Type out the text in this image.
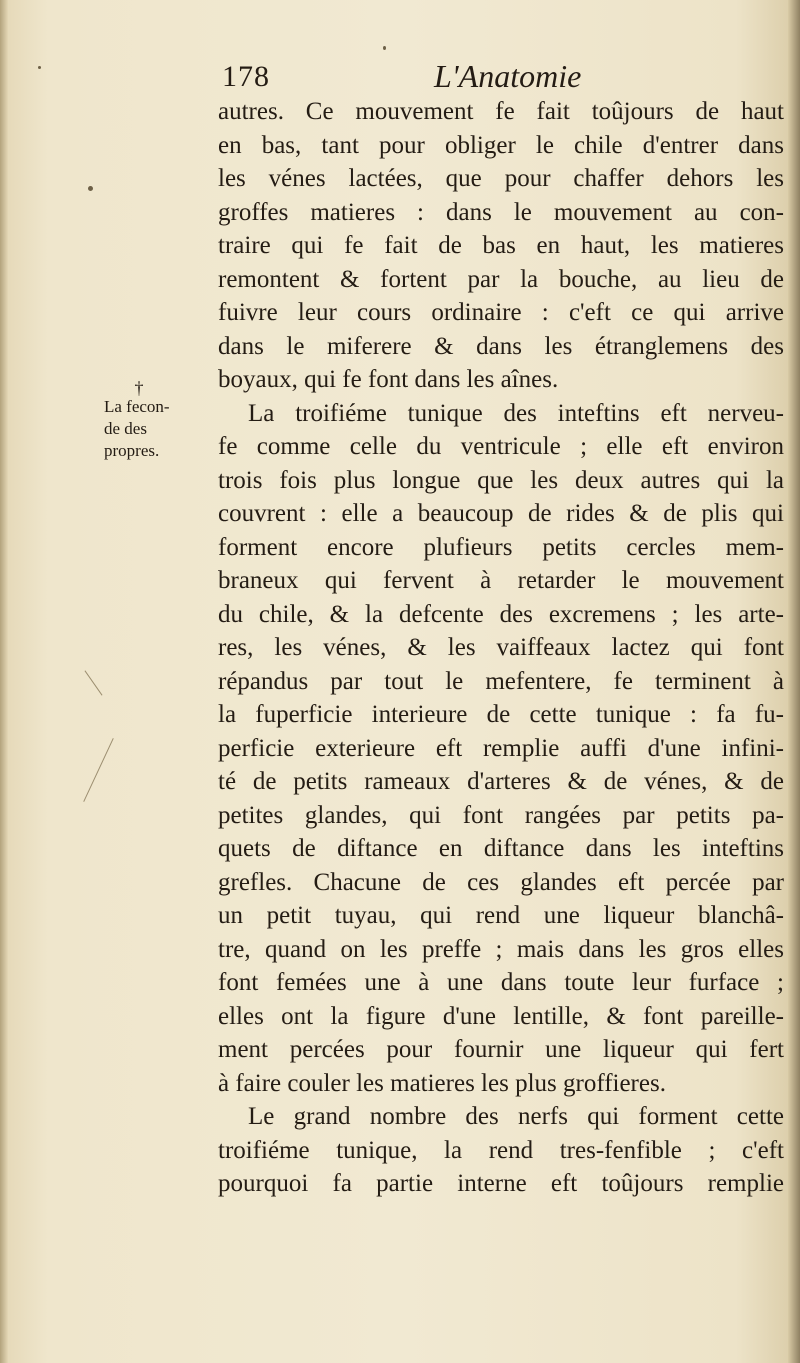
178	L'Anatomie
†
La fecon-
de des
propres.
autres. Ce mouvement fe fait toûjours de haut
en bas, tant pour obliger le chile d'entrer dans
les vénes lactées, que pour chaffer dehors les
groffes matieres : dans le mouvement au con-
traire qui fe fait de bas en haut, les matieres
remontent & fortent par la bouche, au lieu de
fuivre leur cours ordinaire : c'eft ce qui arrive
dans le miferere & dans les étranglemens des
boyaux, qui fe font dans les aînes.
La troifiéme tunique des inteftins eft nerveu-
fe comme celle du ventricule ; elle eft environ
trois fois plus longue que les deux autres qui la
couvrent : elle a beaucoup de rides & de plis qui
forment encore plufieurs petits cercles mem-
braneux qui fervent à retarder le mouvement
du chile, & la defcente des excremens ; les arte-
res, les vénes, & les vaiffeaux lactez qui font
répandus par tout le mefentere, fe terminent à
la fuperficie interieure de cette tunique : fa fu-
perficie exterieure eft remplie auffi d'une infini-
té de petits rameaux d'arteres & de vénes, & de
petites glandes, qui font rangées par petits pa-
quets de diftance en diftance dans les inteftins
grefles. Chacune de ces glandes eft percée par
un petit tuyau, qui rend une liqueur blanchâ-
tre, quand on les preffe ; mais dans les gros elles
font femées une à une dans toute leur furface ;
elles ont la figure d'une lentille, & font pareille-
ment percées pour fournir une liqueur qui fert
à faire couler les matieres les plus groffieres.
Le grand nombre des nerfs qui forment cette
troifiéme tunique, la rend tres-fenfible ; c'eft
pourquoi fa partie interne eft toûjours remplie
